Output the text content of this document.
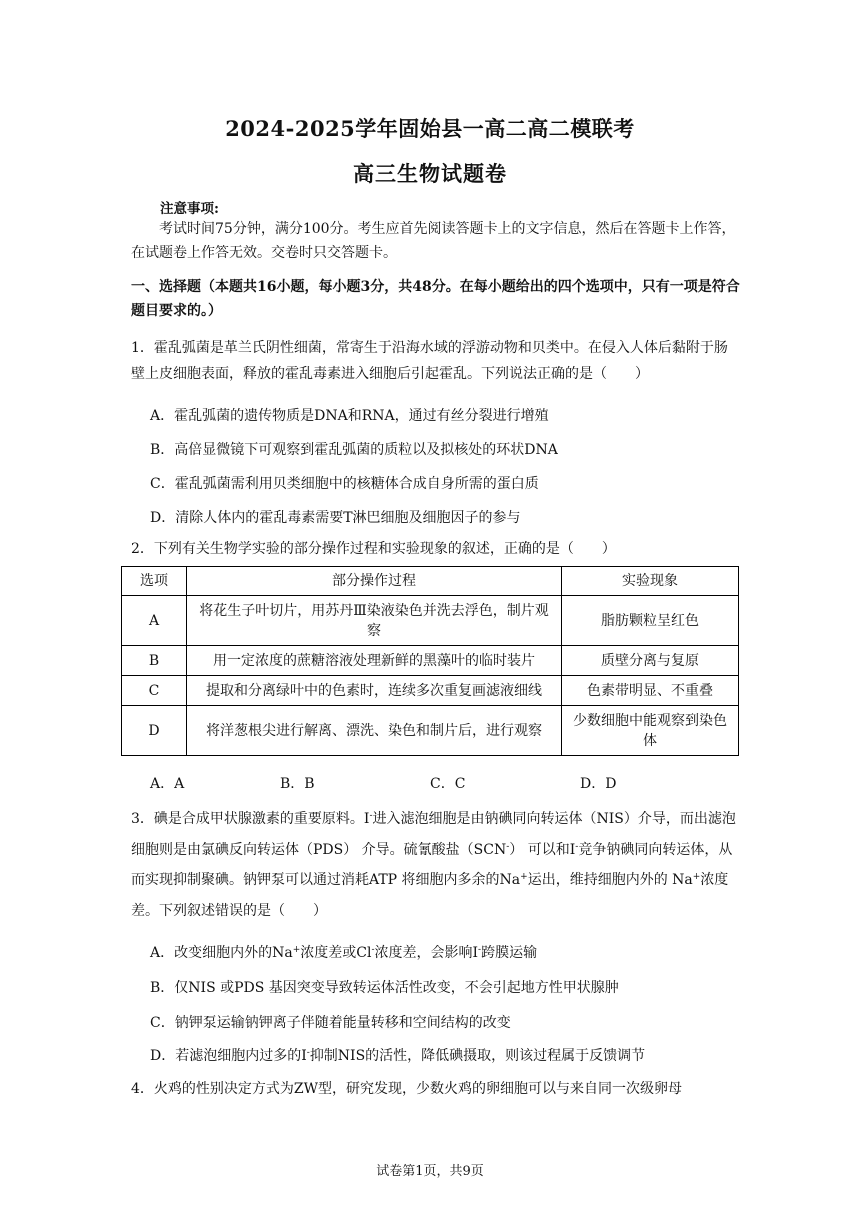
2024-2025学年固始县一高二高二模联考
高三生物试题卷
注意事项:
考试时间75分钟，满分100分。考生应首先阅读答题卡上的文字信息，然后在答题卡上作答，在试题卷上作答无效。交卷时只交答题卡。
一、选择题（本题共16小题，每小题3分，共48分。在每小题给出的四个选项中，只有一项是符合题目要求的。）
1．霍乱弧菌是革兰氏阴性细菌，常寄生于沿海水域的浮游动物和贝类中。在侵入人体后黏附于肠壁上皮细胞表面，释放的霍乱毒素进入细胞后引起霍乱。下列说法正确的是（　　）
A．霍乱弧菌的遗传物质是DNA和RNA，通过有丝分裂进行增殖
B．高倍显微镜下可观察到霍乱弧菌的质粒以及拟核处的环状DNA
C．霍乱弧菌需利用贝类细胞中的核糖体合成自身所需的蛋白质
D．清除人体内的霍乱毒素需要T淋巴细胞及细胞因子的参与
2．下列有关生物学实验的部分操作过程和实验现象的叙述，正确的是（　　）
选项	部分操作过程	实验现象
A	将花生子叶切片，用苏丹Ⅲ染液染色并洗去浮色，制片观察	脂肪颗粒呈红色
B	用一定浓度的蔗糖溶液处理新鲜的黑藻叶的临时装片	质壁分离与复原
C	提取和分离绿叶中的色素时，连续多次重复画滤液细线	色素带明显、不重叠
D	将洋葱根尖进行解离、漂洗、染色和制片后，进行观察	少数细胞中能观察到染色体
A．A	B．B	C．C	D．D
3．碘是合成甲状腺激素的重要原料。I-进入滤泡细胞是由钠碘同向转运体（NIS）介导，而出滤泡细胞则是由氯碘反向转运体（PDS） 介导。硫氰酸盐（SCN-） 可以和I-竞争钠碘同向转运体，从而实现抑制聚碘。钠钾泵可以通过消耗ATP 将细胞内多余的Na+运出，维持细胞内外的 Na+浓度差。下列叙述错误的是（　　）
A．改变细胞内外的Na+浓度差或Cl-浓度差，会影响I-跨膜运输
B．仅NIS 或PDS 基因突变导致转运体活性改变，不会引起地方性甲状腺肿
C．钠钾泵运输钠钾离子伴随着能量转移和空间结构的改变
D．若滤泡细胞内过多的I-抑制NIS的活性，降低碘摄取，则该过程属于反馈调节
4．火鸡的性别决定方式为ZW型，研究发现，少数火鸡的卵细胞可以与来自同一次级卵母
试卷第1页，共9页
